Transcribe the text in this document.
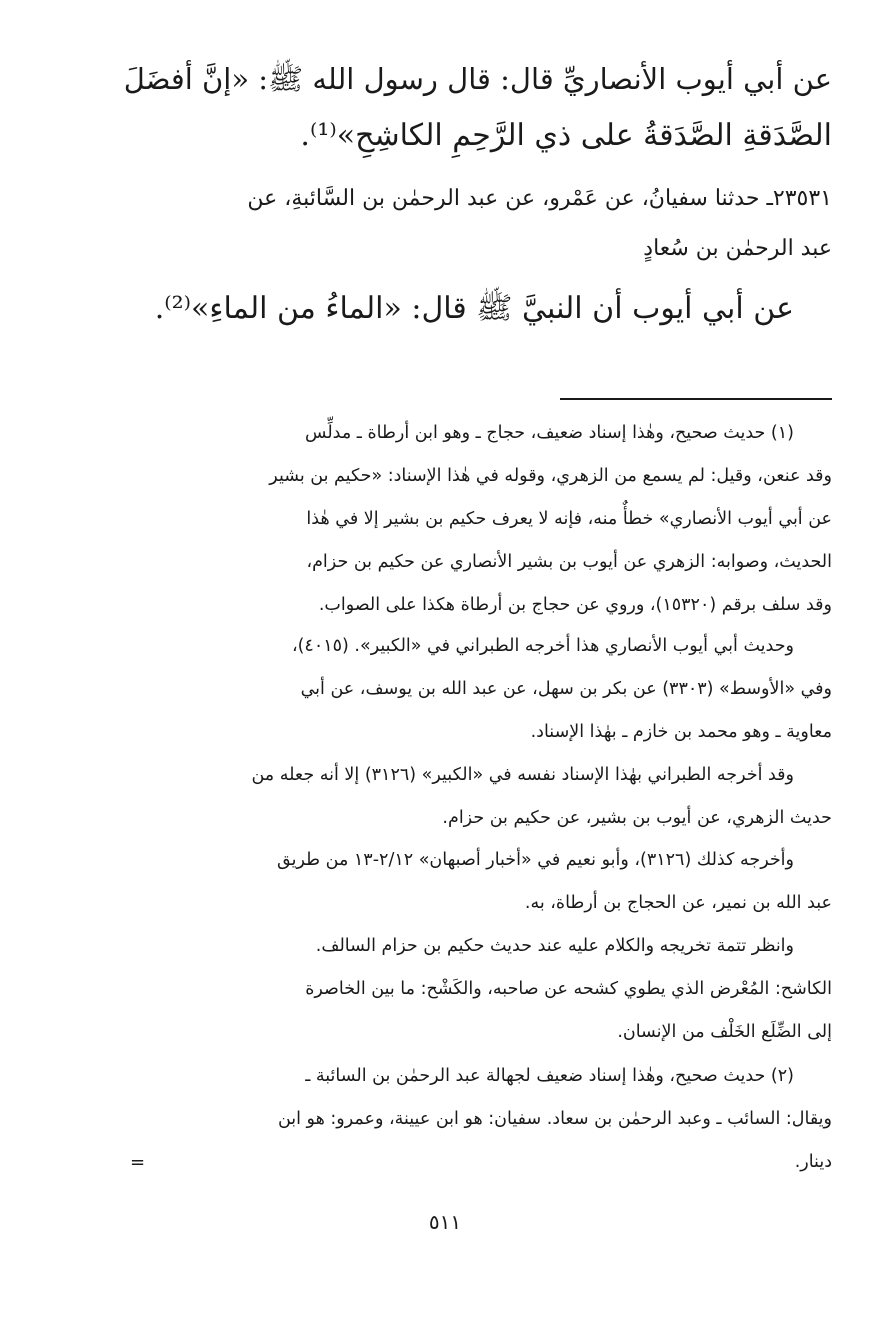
عن أبي أيوب الأنصاريِّ قال: قال رسول الله ﷺ: «إنَّ أفضَلَ
الصَّدَقةِ الصَّدَقةُ على ذي الرَّحِمِ الكاشِحِ»⁽¹⁾.
٢٣٥٣١ـ حدثنا سفيانُ، عن عَمْرو، عن عبد الرحمٰن بن السَّائبةِ، عن
عبد الرحمٰن بن سُعادٍ
عن أبي أيوب أن النبيَّ ﷺ قال: «الماءُ من الماءِ»⁽²⁾.
(١) حديث صحيح، وهٰذا إسناد ضعيف، حجاج ـ وهو ابن أرطاة ـ مدلِّس
وقد عنعن، وقيل: لم يسمع من الزهري، وقوله في هٰذا الإسناد: «حكيم بن بشير
عن أبي أيوب الأنصاري» خطأٌ منه، فإنه لا يعرف حكيم بن بشير إلا في هٰذا
الحديث، وصوابه: الزهري عن أيوب بن بشير الأنصاري عن حكيم بن حزام،
وقد سلف برقم (١٥٣٢٠)، وروي عن حجاج بن أرطاة هكذا على الصواب.
وحديث أبي أيوب الأنصاري هذا أخرجه الطبراني في «الكبير». (٤٠١٥)،
وفي «الأوسط» (٣٣٠٣) عن بكر بن سهل، عن عبد الله بن يوسف، عن أبي
معاوية ـ وهو محمد بن خازم ـ بهٰذا الإسناد.
وقد أخرجه الطبراني بهٰذا الإسناد نفسه في «الكبير» (٣١٢٦) إلا أنه جعله من
حديث الزهري، عن أيوب بن بشير، عن حكيم بن حزام.
وأخرجه كذلك (٣١٢٦)، وأبو نعيم في «أخبار أصبهان» ٢/١٢-١٣ من طريق
عبد الله بن نمير، عن الحجاج بن أرطاة، به.
وانظر تتمة تخريجه والكلام عليه عند حديث حكيم بن حزام السالف.
الكاشح: المُعْرض الذي يطوي كشحه عن صاحبه، والكَشْح: ما بين الخاصرة
إلى الضِّلَع الخَلْف من الإنسان.
(٢) حديث صحيح، وهٰذا إسناد ضعيف لجهالة عبد الرحمٰن بن السائبة ـ
ويقال: السائب ـ وعبد الرحمٰن بن سعاد. سفيان: هو ابن عيينة، وعمرو: هو ابن
دينار.
=
٥١١
